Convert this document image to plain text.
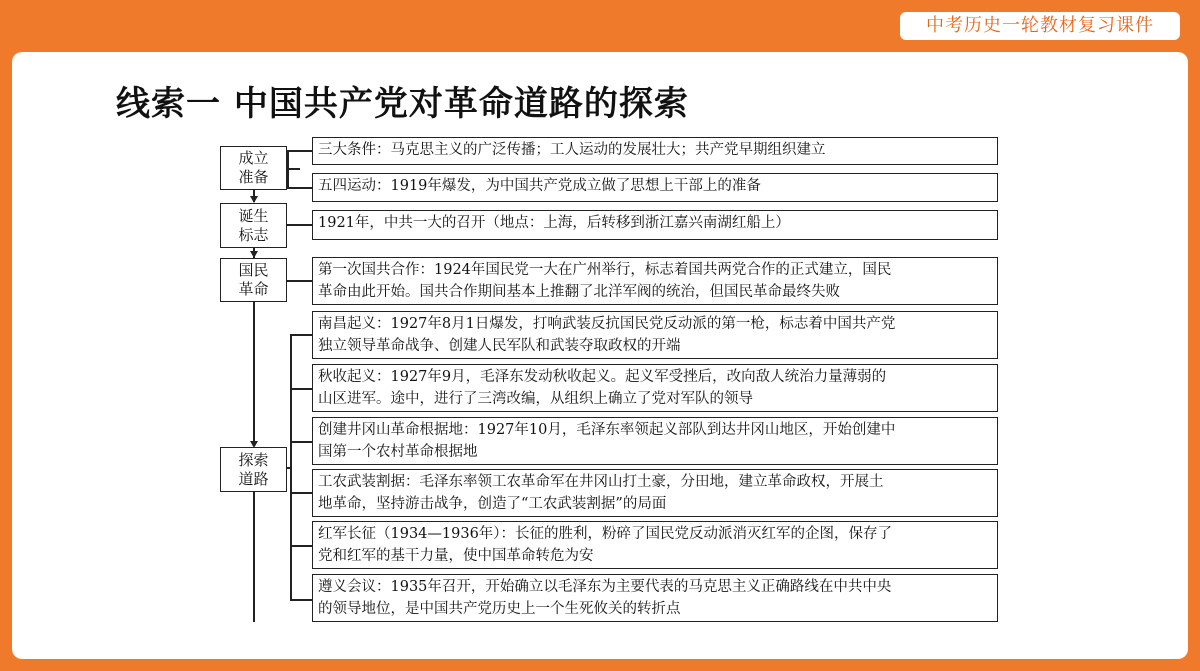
中考历史一轮教材复习课件
线索一 中国共产党对革命道路的探索
成立
准备
诞生
标志
国民
革命
探索
道路
三大条件：马克思主义的广泛传播；工人运动的发展壮大；共产党早期组织建立
五四运动：1919年爆发，为中国共产党成立做了思想上干部上的准备
1921年，中共一大的召开（地点：上海，后转移到浙江嘉兴南湖红船上）
第一次国共合作：1924年国民党一大在广州举行，标志着国共两党合作的正式建立，国民
革命由此开始。国共合作期间基本上推翻了北洋军阀的统治，但国民革命最终失败
南昌起义：1927年8月1日爆发，打响武装反抗国民党反动派的第一枪，标志着中国共产党
独立领导革命战争、创建人民军队和武装夺取政权的开端
秋收起义：1927年9月，毛泽东发动秋收起义。起义军受挫后，改向敌人统治力量薄弱的
山区进军。途中，进行了三湾改编，从组织上确立了党对军队的领导
创建井冈山革命根据地：1927年10月，毛泽东率领起义部队到达井冈山地区，开始创建中
国第一个农村革命根据地
工农武装割据：毛泽东率领工农革命军在井冈山打土豪，分田地，建立革命政权，开展土
地革命，坚持游击战争，创造了“工农武装割据”的局面
红军长征（1934—1936年）：长征的胜利，粉碎了国民党反动派消灭红军的企图，保存了
党和红军的基干力量，使中国革命转危为安
遵义会议：1935年召开，开始确立以毛泽东为主要代表的马克思主义正确路线在中共中央
的领导地位，是中国共产党历史上一个生死攸关的转折点
